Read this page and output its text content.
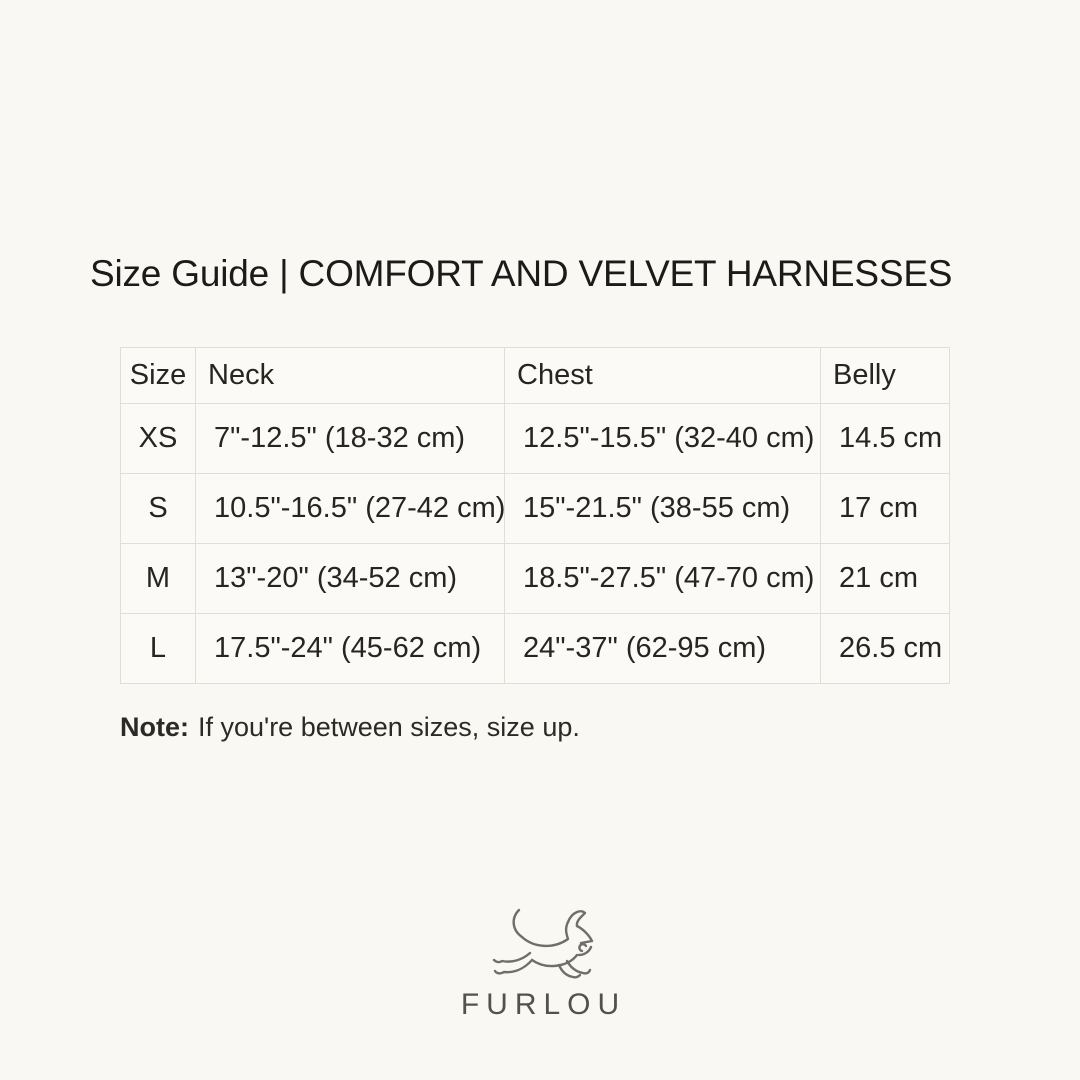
Size Guide | COMFORT AND VELVET HARNESSES
Size	Neck	Chest	Belly
XS	7"-12.5" (18-32 cm)	12.5"-15.5" (32-40 cm)	14.5 cm
S	10.5"-16.5" (27-42 cm)	15"-21.5" (38-55 cm)	17 cm
M	13"-20" (34-52 cm)	18.5"-27.5" (47-70 cm)	21 cm
L	17.5"-24" (45-62 cm)	24"-37" (62-95 cm)	26.5 cm
Note: If you're between sizes, size up.
FURLOU
